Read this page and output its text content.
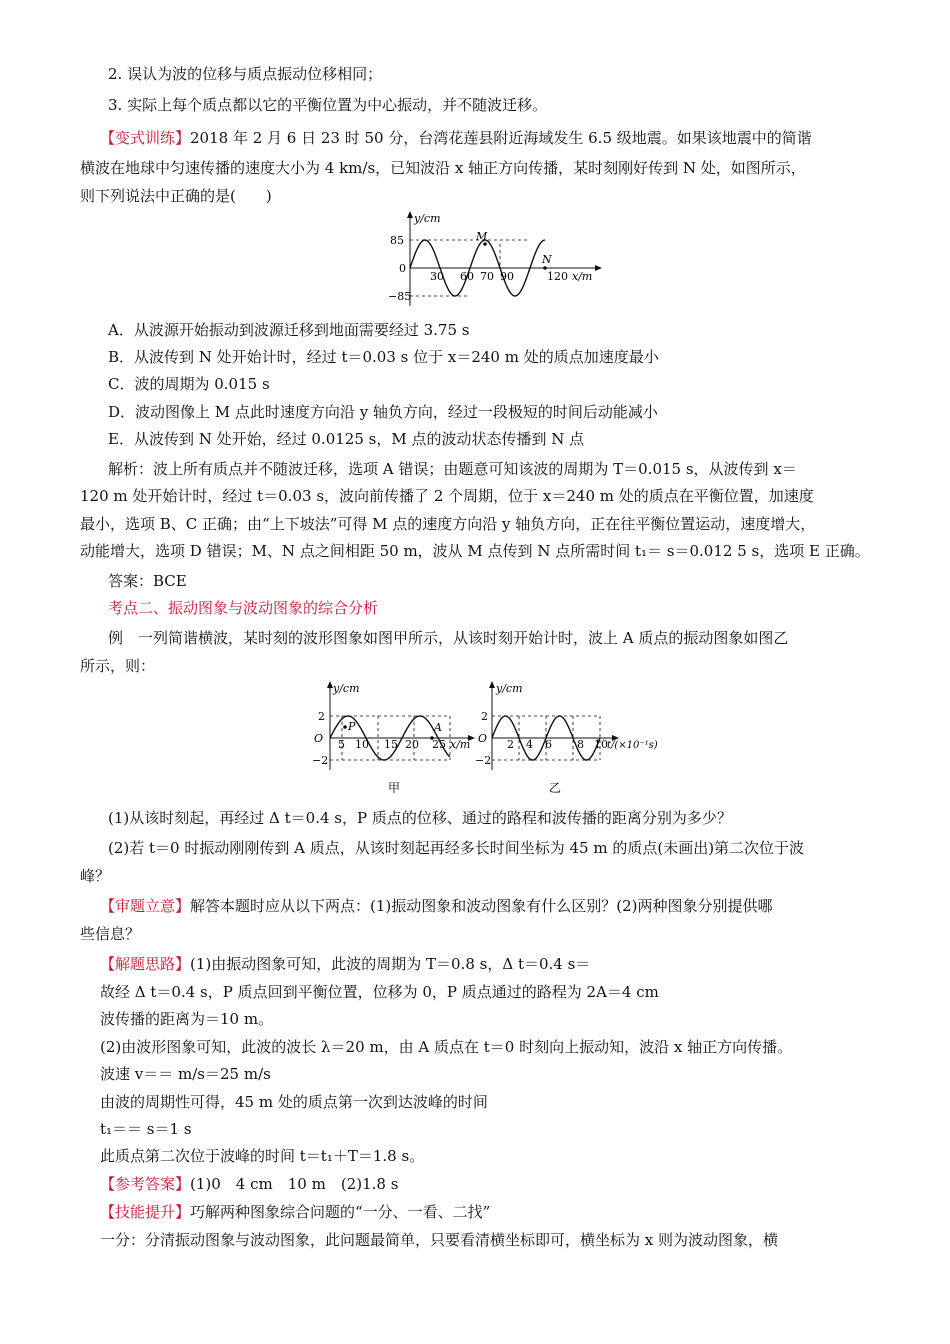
2. 误认为波的位移与质点振动位移相同；
3. 实际上每个质点都以它的平衡位置为中心振动，并不随波迁移。
【变式训练】2018 年 2 月 6 日 23 时 50 分，台湾花莲县附近海域发生 6.5 级地震。如果该地震中的简谐
横波在地球中匀速传播的速度大小为 4 km/s，已知波沿 x 轴正方向传播，某时刻刚好传到 N 处，如图所示，
则下列说法中正确的是(　　)
y/cm
85
0
−85
30 60 70 90	120 x/m
M
N
A．从波源开始振动到波源迁移到地面需要经过 3.75 s
B．从波传到 N 处开始计时，经过 t＝0.03 s 位于 x＝240 m 处的质点加速度最小
C．波的周期为 0.015 s
D．波动图像上 M 点此时速度方向沿 y 轴负方向，经过一段极短的时间后动能减小
E．从波传到 N 处开始，经过 0.0125 s，M 点的波动状态传播到 N 点
解析：波上所有质点并不随波迁移，选项 A 错误；由题意可知该波的周期为 T＝0.015 s，从波传到 x＝
120 m 处开始计时，经过 t＝0.03 s，波向前传播了 2 个周期，位于 x＝240 m 处的质点在平衡位置，加速度
最小，选项 B、C 正确；由“上下坡法”可得 M 点的速度方向沿 y 轴负方向，正在往平衡位置运动，速度增大，
动能增大，选项 D 错误；M、N 点之间相距 50 m，波从 M 点传到 N 点所需时间 t₁＝ s＝0.012 5 s，选项 E 正确。
答案：BCE
考点二、振动图象与波动图象的综合分析
例　一列简谐横波，某时刻的波形图象如图甲所示，从该时刻开始计时，波上 A 质点的振动图象如图乙
所示，则：
y/cm
2
O
−2
5 10 15 20 25 x/m
P	A
甲
y/cm
2
O
−2
2 4 6 8 10 t/(×10⁻¹s)
乙
(1)从该时刻起，再经过 Δ t＝0.4 s，P 质点的位移、通过的路程和波传播的距离分别为多少？
(2)若 t＝0 时振动刚刚传到 A 质点，从该时刻起再经多长时间坐标为 45 m 的质点(未画出)第二次位于波
峰？
【审题立意】解答本题时应从以下两点：(1)振动图象和波动图象有什么区别？(2)两种图象分别提供哪
些信息？
【解题思路】(1)由振动图象可知，此波的周期为 T＝0.8 s，Δ t＝0.4 s＝
故经 Δ t＝0.4 s，P 质点回到平衡位置，位移为 0，P 质点通过的路程为 2A＝4 cm
波传播的距离为＝10 m。
(2)由波形图象可知，此波的波长 λ＝20 m，由 A 质点在 t＝0 时刻向上振动知，波沿 x 轴正方向传播。
波速 v＝＝ m/s＝25 m/s
由波的周期性可得，45 m 处的质点第一次到达波峰的时间
t₁＝＝ s＝1 s
此质点第二次位于波峰的时间 t＝t₁＋T＝1.8 s。
【参考答案】(1)0　4 cm　10 m　(2)1.8 s
【技能提升】巧解两种图象综合问题的“一分、一看、二找”
一分：分清振动图象与波动图象，此问题最简单，只要看清横坐标即可，横坐标为 x 则为波动图象，横
